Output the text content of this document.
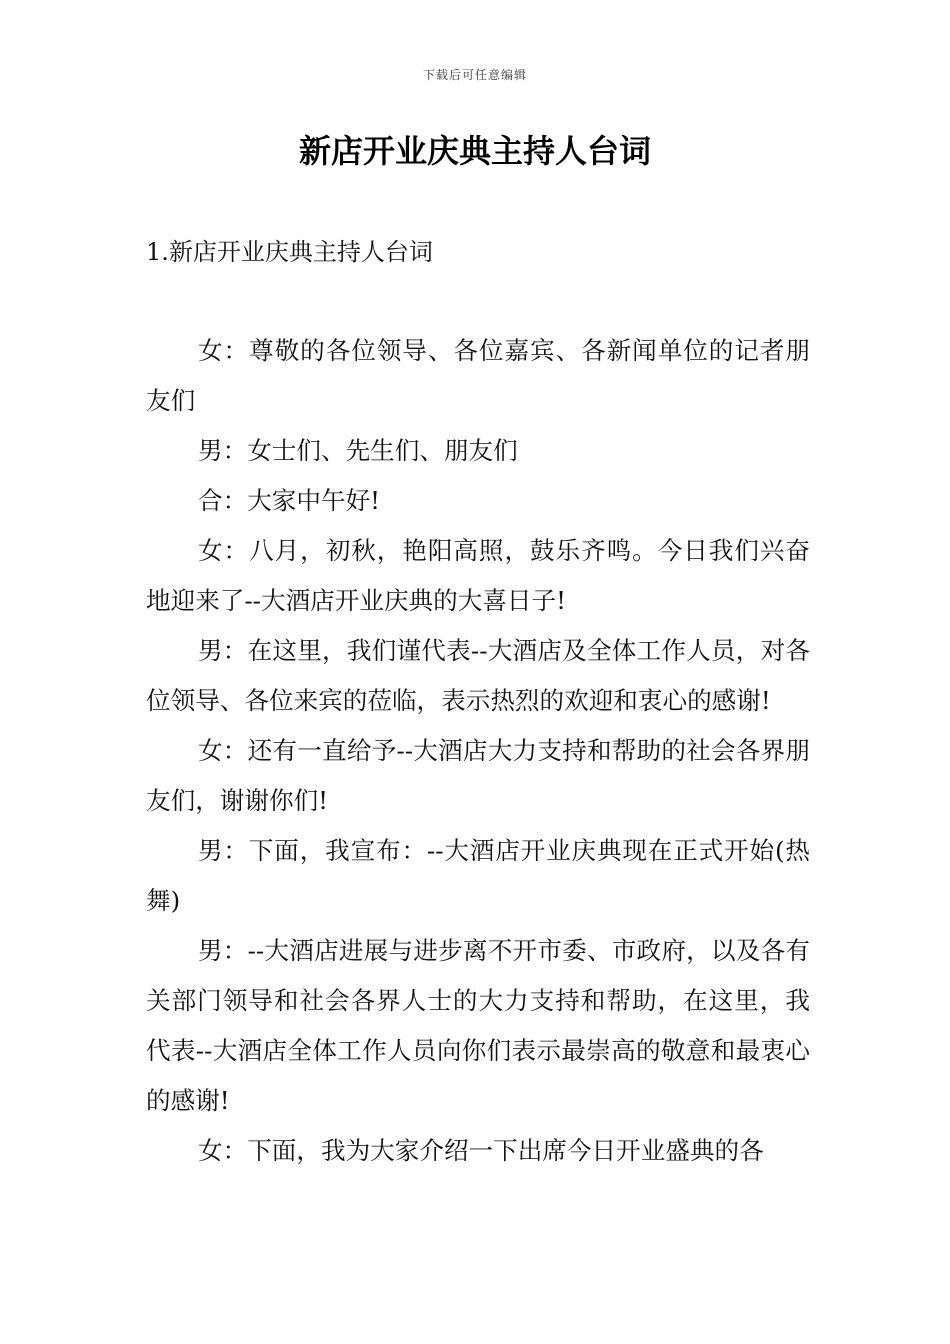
下载后可任意编辑
新店开业庆典主持人台词

1.新店开业庆典主持人台词

女：尊敬的各位领导、各位嘉宾、各新闻单位的记者朋友们

男：女士们、先生们、朋友们

合：大家中午好!

女：八月，初秋，艳阳高照，鼓乐齐鸣。今日我们兴奋地迎来了--大酒店开业庆典的大喜日子!

男：在这里，我们谨代表--大酒店及全体工作人员，对各位领导、各位来宾的莅临，表示热烈的欢迎和衷心的感谢!

女：还有一直给予--大酒店大力支持和帮助的社会各界朋友们，谢谢你们!

男：下面，我宣布：--大酒店开业庆典现在正式开始(热舞)

男：--大酒店进展与进步离不开市委、市政府，以及各有关部门领导和社会各界人士的大力支持和帮助，在这里，我代表--大酒店全体工作人员向你们表示最崇高的敬意和最衷心的感谢!

女：下面，我为大家介绍一下出席今日开业盛典的各
